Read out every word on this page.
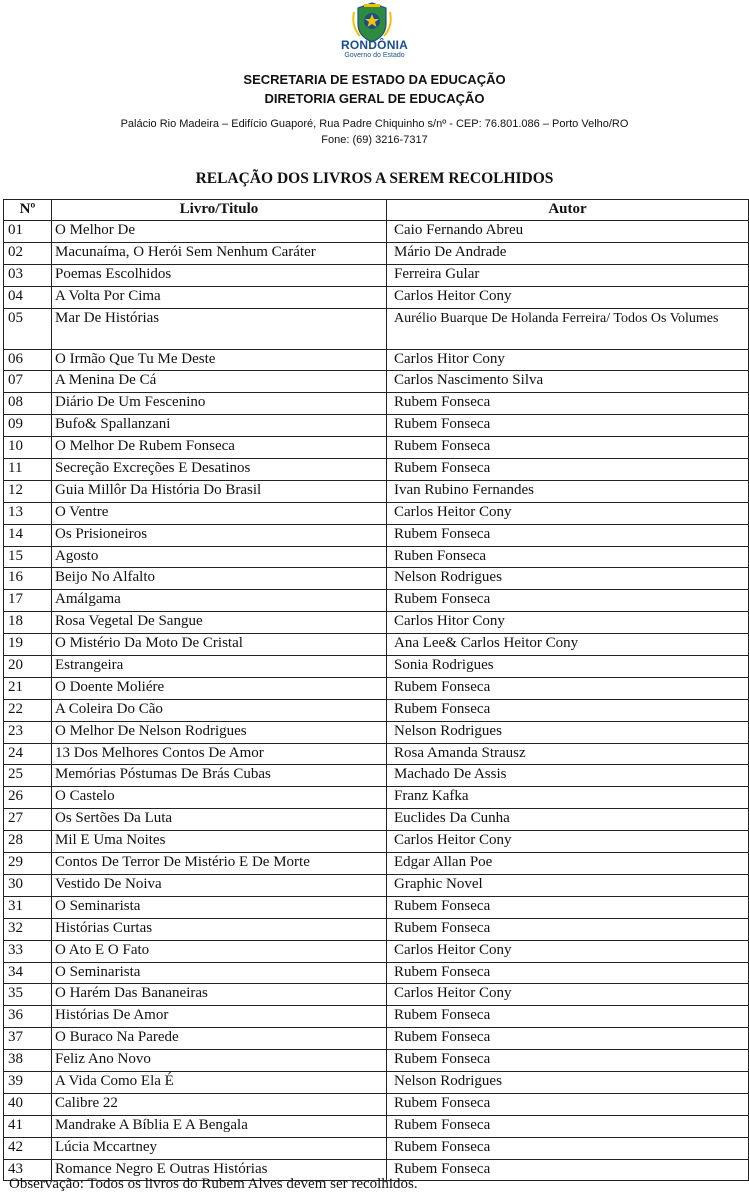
RONDÔNIA
Governo do Estado
SECRETARIA DE ESTADO DA EDUCAÇÃO
DIRETORIA GERAL DE EDUCAÇÃO
Palácio Rio Madeira – Edifício Guaporé, Rua Padre Chiquinho s/nº - CEP: 76.801.086 – Porto Velho/RO
Fone: (69) 3216-7317
RELAÇÃO DOS LIVROS A SEREM RECOLHIDOS
Nº	Livro/Titulo	Autor
01	O Melhor De	Caio Fernando Abreu
02	Macunaíma, O Herói Sem Nenhum Caráter	Mário De Andrade
03	Poemas Escolhidos	Ferreira Gular
04	A Volta Por Cima	Carlos Heitor Cony
05	Mar De Histórias	Aurélio Buarque De Holanda Ferreira/ Todos Os Volumes
06	O Irmão Que Tu Me Deste	Carlos Hitor Cony
07	A Menina De Cá	Carlos Nascimento Silva
08	Diário De Um Fescenino	Rubem Fonseca
09	Bufo& Spallanzani	Rubem Fonseca
10	O Melhor De Rubem Fonseca	Rubem Fonseca
11	Secreção Excreções E Desatinos	Rubem Fonseca
12	Guia Millôr Da História Do Brasil	Ivan Rubino Fernandes
13	O Ventre	Carlos Heitor Cony
14	Os Prisioneiros	Rubem Fonseca
15	Agosto	Ruben Fonseca
16	Beijo No Alfalto	Nelson Rodrigues
17	Amálgama	Rubem Fonseca
18	Rosa Vegetal De Sangue	Carlos Hitor Cony
19	O Mistério Da Moto De Cristal	Ana Lee& Carlos Heitor Cony
20	Estrangeira	Sonia Rodrigues
21	O Doente Moliére	Rubem Fonseca
22	A Coleira Do Cão	Rubem Fonseca
23	O Melhor De Nelson Rodrigues	Nelson Rodrigues
24	13 Dos Melhores Contos De Amor	Rosa Amanda Strausz
25	Memórias Póstumas De Brás Cubas	Machado De Assis
26	O Castelo	Franz Kafka
27	Os Sertões Da Luta	Euclides Da Cunha
28	Mil E Uma Noites	Carlos Heitor Cony
29	Contos De Terror De Mistério E De Morte	Edgar Allan Poe
30	Vestido De Noiva	Graphic Novel
31	O Seminarista	Rubem Fonseca
32	Histórias Curtas	Rubem Fonseca
33	O Ato E O Fato	Carlos Heitor Cony
34	O Seminarista	Rubem Fonseca
35	O Harém Das Bananeiras	Carlos Heitor Cony
36	Histórias De Amor	Rubem Fonseca
37	O Buraco Na Parede	Rubem Fonseca
38	Feliz Ano Novo	Rubem Fonseca
39	A Vida Como Ela É	Nelson Rodrigues
40	Calibre 22	Rubem Fonseca
41	Mandrake A Bíblia E A Bengala	Rubem Fonseca
42	Lúcia Mccartney	Rubem Fonseca
43	Romance Negro E Outras Histórias	Rubem Fonseca
Observação: Todos os livros do Rubem Alves devem ser recolhidos.
